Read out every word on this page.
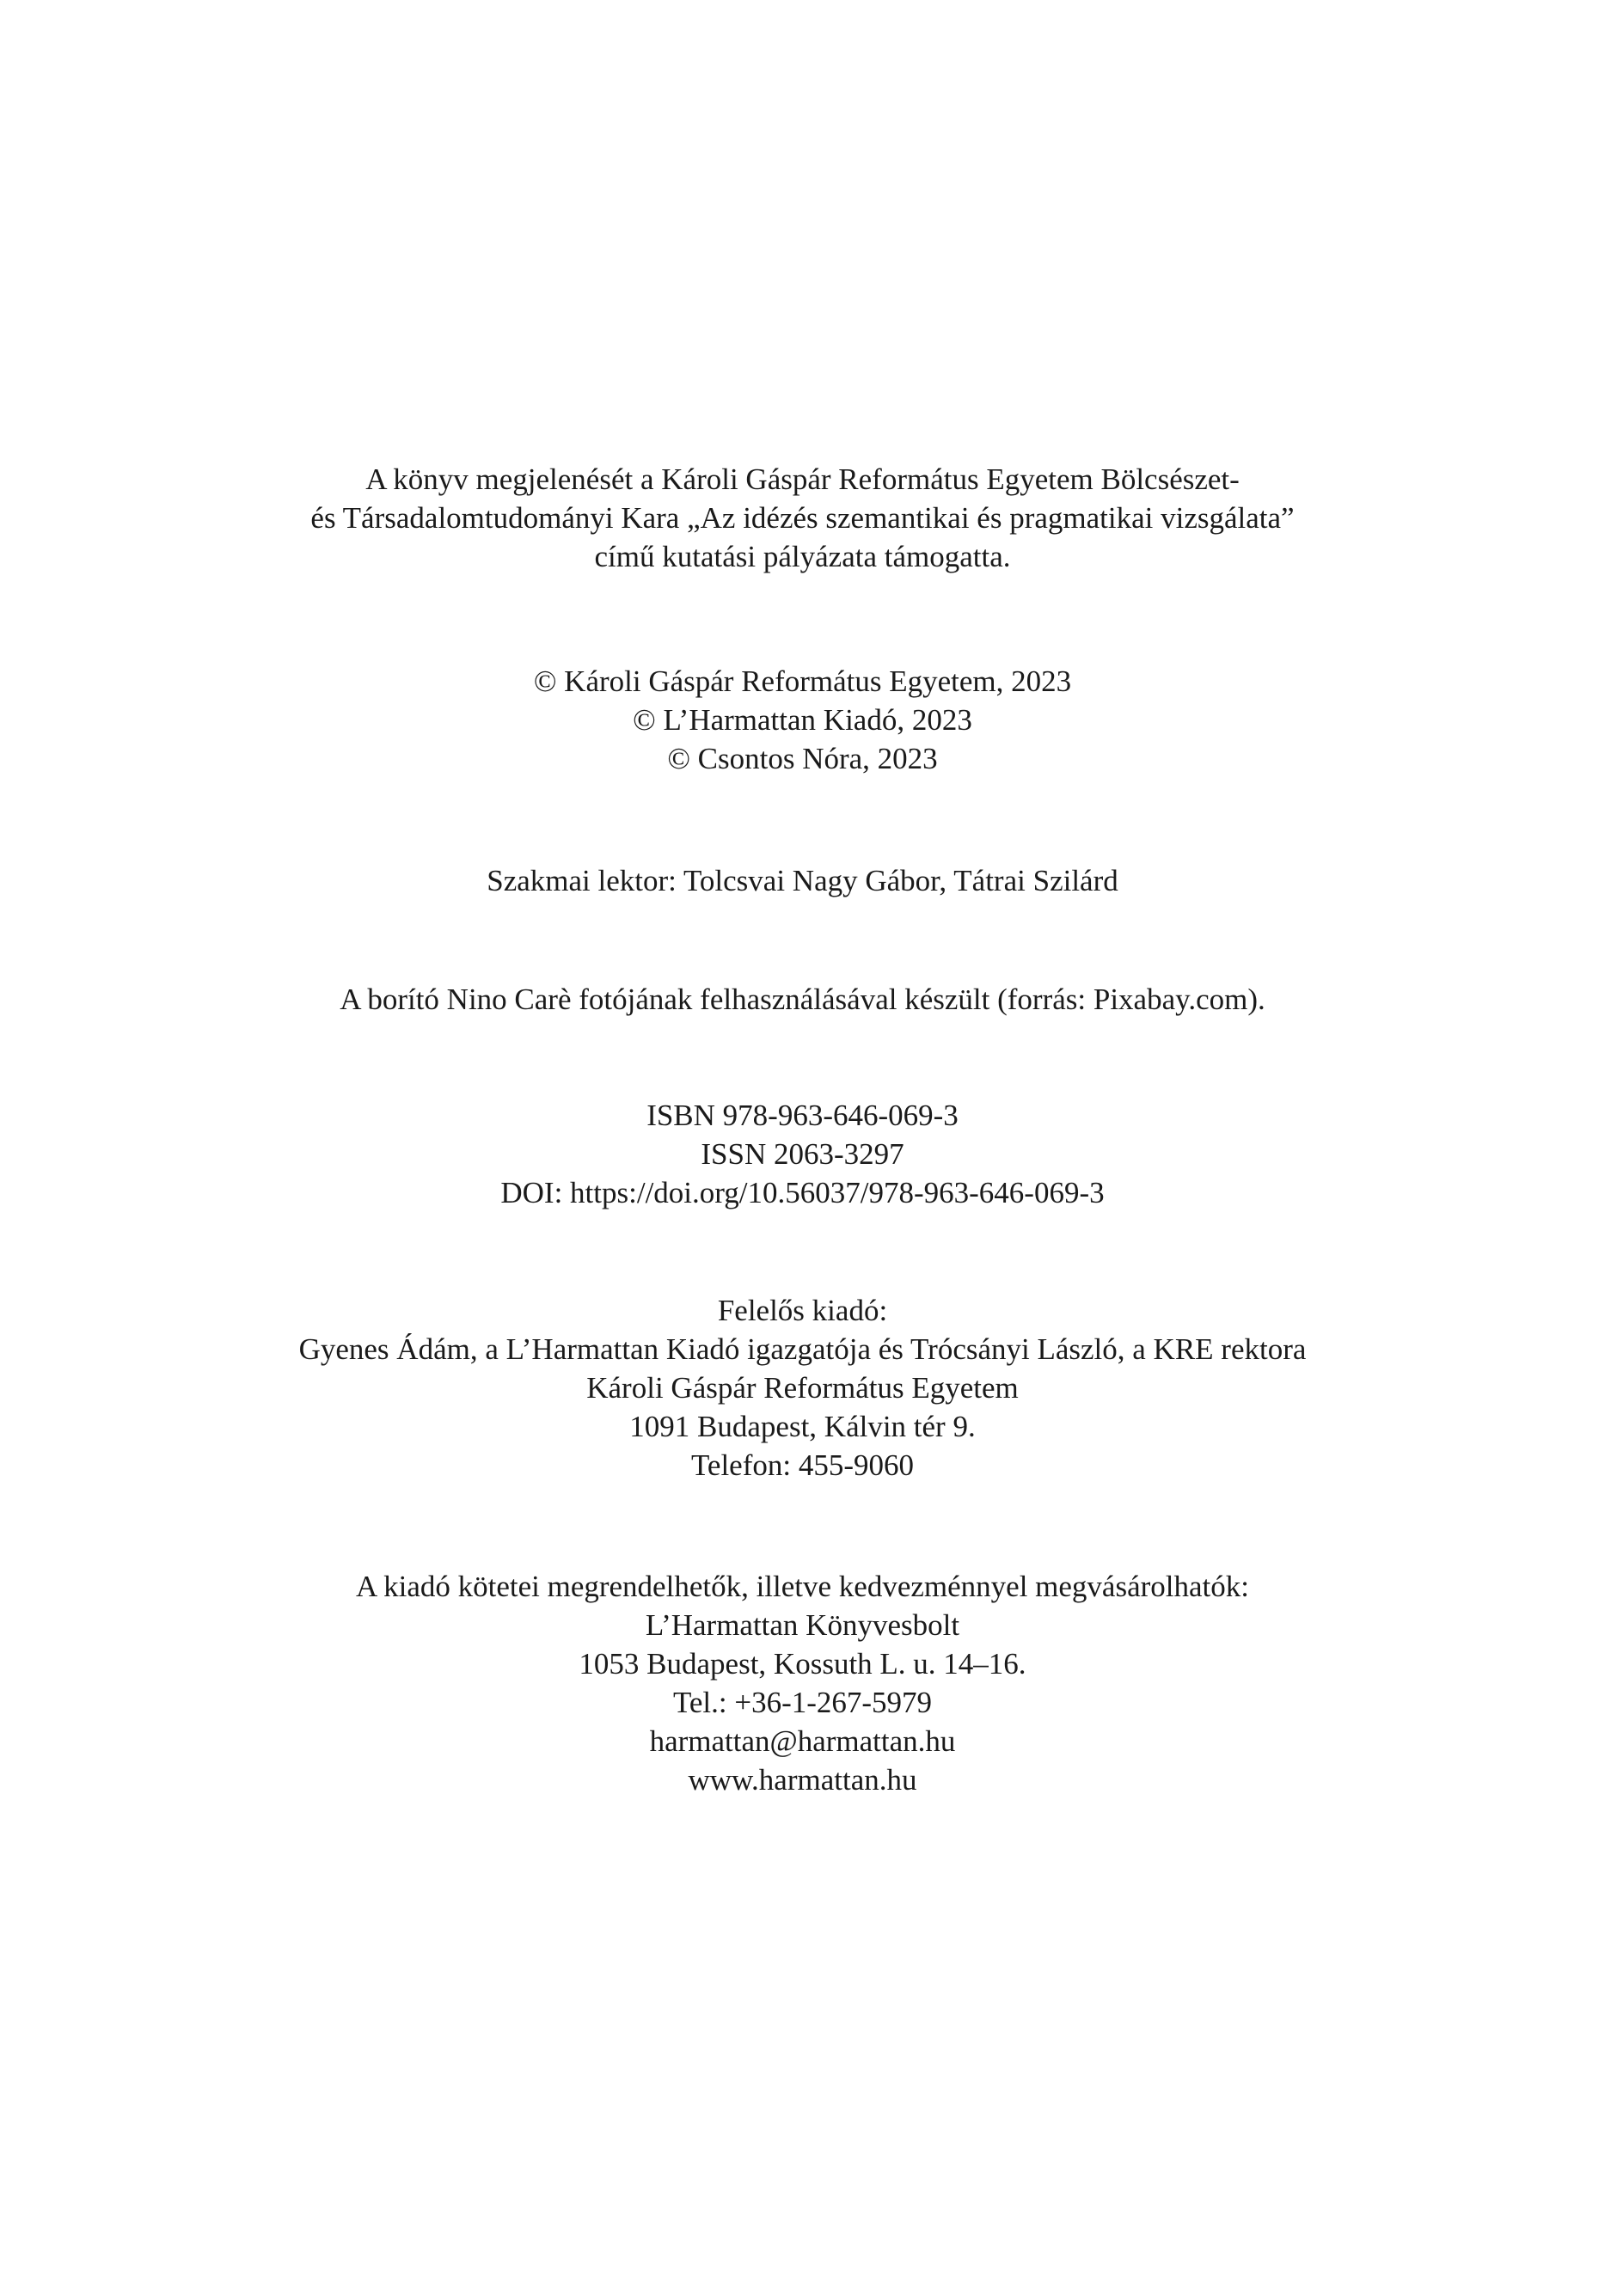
A könyv megjelenését a Károli Gáspár Református Egyetem Bölcsészet-
és Társadalomtudományi Kara „Az idézés szemantikai és pragmatikai vizsgálata”
című kutatási pályázata támogatta.
© Károli Gáspár Református Egyetem, 2023
© L’Harmattan Kiadó, 2023
© Csontos Nóra, 2023
Szakmai lektor: Tolcsvai Nagy Gábor, Tátrai Szilárd
A borító Nino Carè fotójának felhasználásával készült (forrás: Pixabay.com).
ISBN 978-963-646-069-3
ISSN 2063-3297
DOI: https://doi.org/10.56037/978-963-646-069-3
Felelős kiadó:
Gyenes Ádám, a L’Harmattan Kiadó igazgatója és Trócsányi László, a KRE rektora
Károli Gáspár Református Egyetem
1091 Budapest, Kálvin tér 9.
Telefon: 455-9060
A kiadó kötetei megrendelhetők, illetve kedvezménnyel megvásárolhatók:
L’Harmattan Könyvesbolt
1053 Budapest, Kossuth L. u. 14–16.
Tel.: +36-1-267-5979
harmattan@harmattan.hu
www.harmattan.hu
